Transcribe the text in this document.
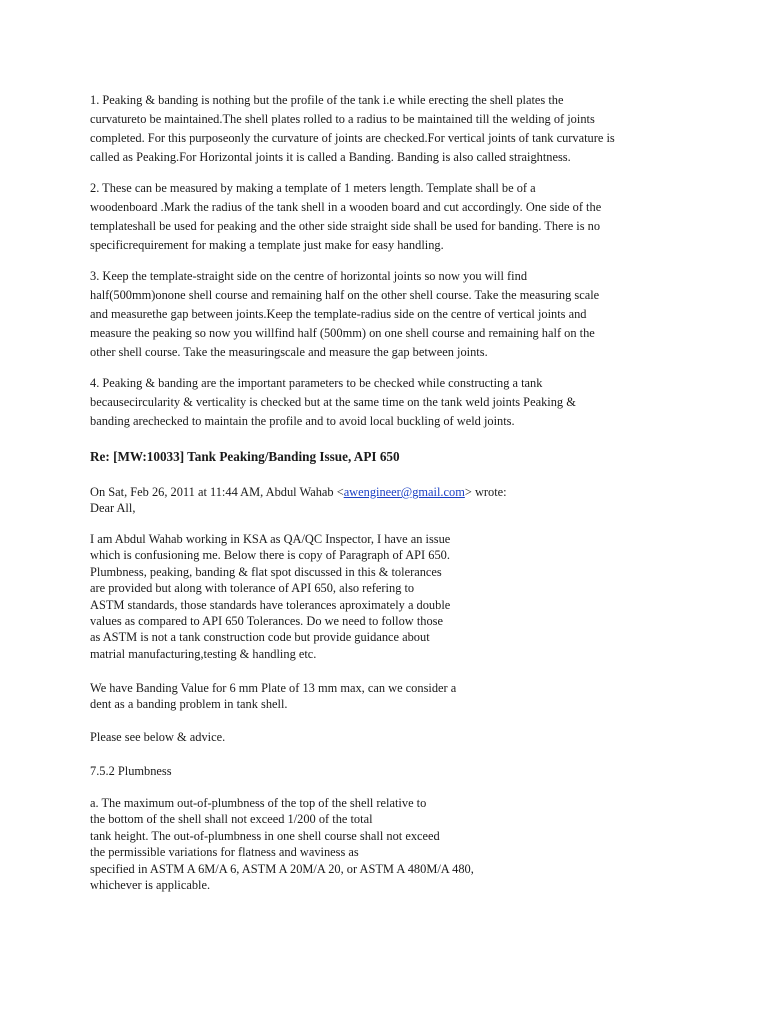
1. Peaking & banding is nothing but the profile of the tank i.e while erecting the shell plates the
curvatureto be maintained.The shell plates rolled to a radius to be maintained till the welding of joints
completed. For this purposeonly the curvature of joints are checked.For vertical joints of tank curvature is
called as Peaking.For Horizontal joints it is called a Banding. Banding is also called straightness.
2. These can be measured by making a template of 1 meters length. Template shall be of a
woodenboard .Mark the radius of the tank shell in a wooden board and cut accordingly. One side of the
templateshall be used for peaking and the other side straight side shall be used for banding. There is no
specificrequirement for making a template just make for easy handling.
3. Keep the template-straight side on the centre of horizontal joints so now you will find
half(500mm)onone shell course and remaining half on the other shell course. Take the measuring scale
and measurethe gap between joints.Keep the template-radius side on the centre of vertical joints and
measure the peaking so now you willfind half (500mm) on one shell course and remaining half on the
other shell course. Take the measuringscale and measure the gap between joints.
4. Peaking & banding are the important parameters to be checked while constructing a tank
becausecircularity & verticality is checked but at the same time on the tank weld joints Peaking &
banding arechecked to maintain the profile and to avoid local buckling of weld joints.
Re: [MW:10033] Tank Peaking/Banding Issue, API 650
On Sat, Feb 26, 2011 at 11:44 AM, Abdul Wahab <awengineer@gmail.com> wrote:
Dear All,
I am Abdul Wahab working in KSA as QA/QC Inspector, I have an issue
which is confusioning me. Below there is copy of Paragraph of API 650.
Plumbness, peaking, banding & flat spot discussed in this & tolerances
are provided but along with tolerance of API 650, also refering to
ASTM standards, those standards have tolerances aproximately a double
values as compared to API 650 Tolerances. Do we need to follow those
as ASTM is not a tank construction code but provide guidance about
matrial manufacturing,testing & handling etc.
We have Banding Value for 6 mm Plate of 13 mm max, can we consider a
dent as a banding problem in tank shell.
Please see below & advice.
7.5.2 Plumbness
a. The maximum out-of-plumbness of the top of the shell relative to
the bottom of the shell shall not exceed 1/200 of the total
tank height. The out-of-plumbness in one shell course shall not exceed
the permissible variations for flatness and waviness as
specified in ASTM A 6M/A 6, ASTM A 20M/A 20, or ASTM A 480M/A 480,
whichever is applicable.
